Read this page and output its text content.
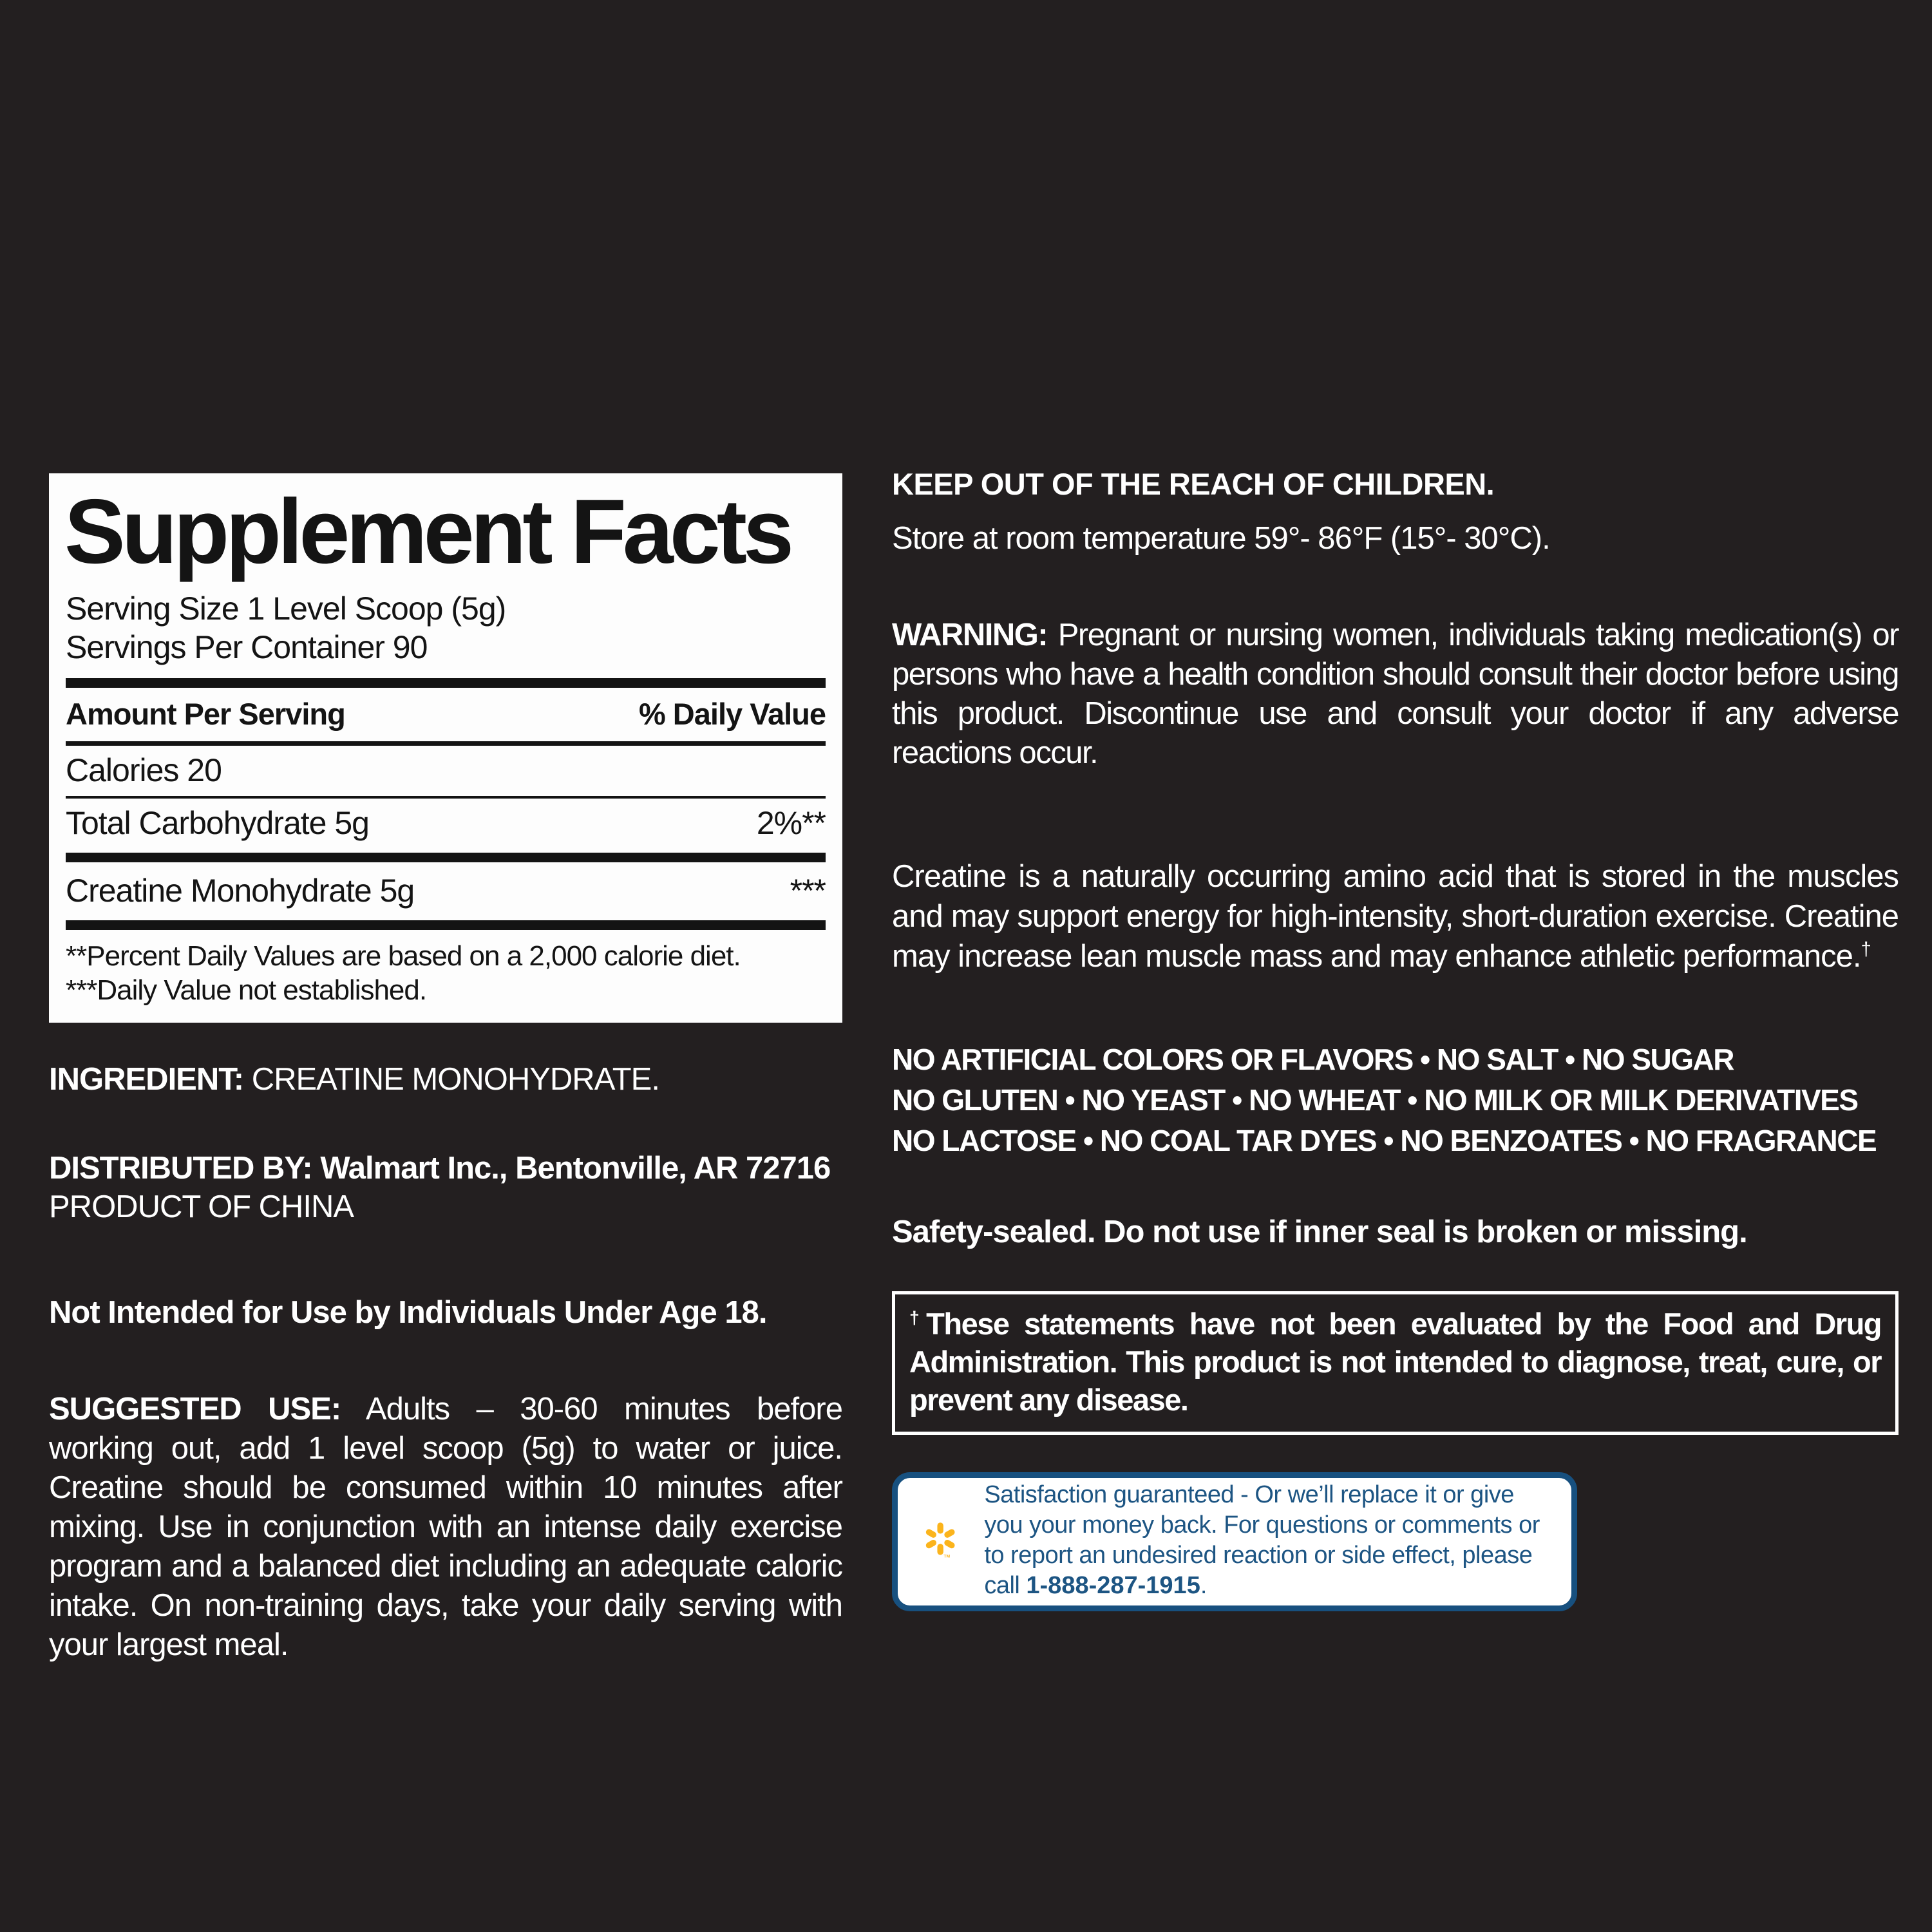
Supplement Facts
Serving Size 1 Level Scoop (5g)
Servings Per Container 90
Amount Per Serving	% Daily Value
Calories 20
Total Carbohydrate 5g	2%**
Creatine Monohydrate 5g	***
**Percent Daily Values are based on a 2,000 calorie diet.
***Daily Value not established.

INGREDIENT: CREATINE MONOHYDRATE.

DISTRIBUTED BY: Walmart Inc., Bentonville, AR 72716

PRODUCT OF CHINA

Not Intended for Use by Individuals Under Age 18.

SUGGESTED USE: Adults – 30-60 minutes before working out, add 1 level scoop (5g) to water or juice. Creatine should be consumed within 10 minutes after mixing. Use in conjunction with an intense daily exercise program and a balanced diet including an adequate caloric intake. On non-training days, take your daily serving with your largest meal.

KEEP OUT OF THE REACH OF CHILDREN.

Store at room temperature 59°- 86°F (15°- 30°C).

WARNING: Pregnant or nursing women, individuals taking medication(s) or persons who have a health condition should consult their doctor before using this product. Discontinue use and consult your doctor if any adverse reactions occur.

Creatine is a naturally occurring amino acid that is stored in the muscles and may support energy for high-intensity, short-duration exercise. Creatine may increase lean muscle mass and may enhance athletic performance.†

NO ARTIFICIAL COLORS OR FLAVORS • NO SALT • NO SUGAR
NO GLUTEN • NO YEAST • NO WHEAT • NO MILK OR MILK DERIVATIVES
NO LACTOSE • NO COAL TAR DYES • NO BENZOATES • NO FRAGRANCE

Safety-sealed. Do not use if inner seal is broken or missing.

†These statements have not been evaluated by the Food and Drug Administration. This product is not intended to diagnose, treat, cure, or prevent any disease.

TM

Satisfaction guaranteed - Or we’ll replace it or give you your money back. For questions or comments or to report an undesired reaction or side effect, please call 1-888-287-1915.
